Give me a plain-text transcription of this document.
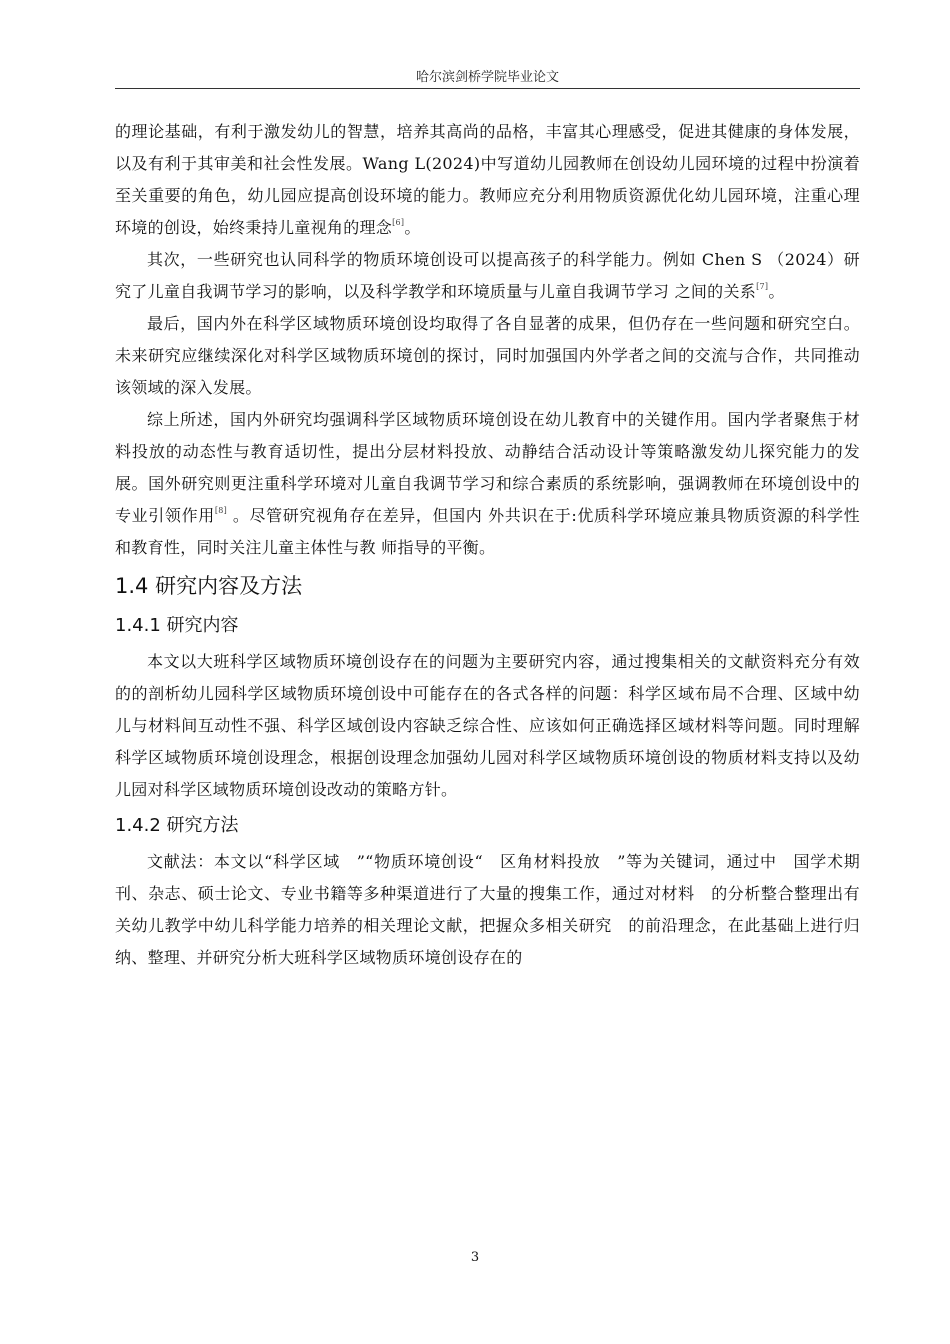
哈尔滨剑桥学院毕业论文

的理论基础，有利于激发幼儿的智慧，培养其高尚的品格，丰富其心理感受，促进其健康的身体发展，以及有利于其审美和社会性发展。Wang L(2024)中写道幼儿园教师在创设幼儿园环境的过程中扮演着至关重要的角色，幼儿园应提高创设环境的能力。教师应充分利用物质资源优化幼儿园环境，注重心理环境的创设，始终秉持儿童视角的理念[6]。

其次，一些研究也认同科学的物质环境创设可以提高孩子的科学能力。例如 Chen S （2024）研究了儿童自我调节学习的影响，以及科学教学和环境质量与儿童自我调节学习 之间的关系[7]。

最后，国内外在科学区域物质环境创设均取得了各自显著的成果，但仍存在一些问题和研究空白。未来研究应继续深化对科学区域物质环境创的探讨，同时加强国内外学者之间的交流与合作，共同推动该领域的深入发展。

综上所述，国内外研究均强调科学区域物质环境创设在幼儿教育中的关键作用。国内学者聚焦于材料投放的动态性与教育适切性，提出分层材料投放、动静结合活动设计等策略激发幼儿探究能力的发展。国外研究则更注重科学环境对儿童自我调节学习和综合素质的系统影响，强调教师在环境创设中的专业引领作用[8] 。尽管研究视角存在差异，但国内 外共识在于:优质科学环境应兼具物质资源的科学性和教育性，同时关注儿童主体性与教 师指导的平衡。

1.4 研究内容及方法
1.4.1 研究内容

本文以大班科学区域物质环境创设存在的问题为主要研究内容，通过搜集相关的文献资料充分有效的的剖析幼儿园科学区域物质环境创设中可能存在的各式各样的问题：科学区域布局不合理、区域中幼儿与材料间互动性不强、科学区域创设内容缺乏综合性、应该如何正确选择区域材料等问题。同时理解科学区域物质环境创设理念，根据创设理念加强幼儿园对科学区域物质环境创设的物质材料支持以及幼儿园对科学区域物质环境创设改动的策略方针。

1.4.2 研究方法

文献法：本文以“科学区域　”“物质环境创设“　区角材料投放　”等为关键词，通过中　国学术期刊、杂志、硕士论文、专业书籍等多种渠道进行了大量的搜集工作，通过对材料　的分析整合整理出有关幼儿教学中幼儿科学能力培养的相关理论文献，把握众多相关研究　的前沿理念，在此基础上进行归纳、整理、并研究分析大班科学区域物质环境创设存在的

3
